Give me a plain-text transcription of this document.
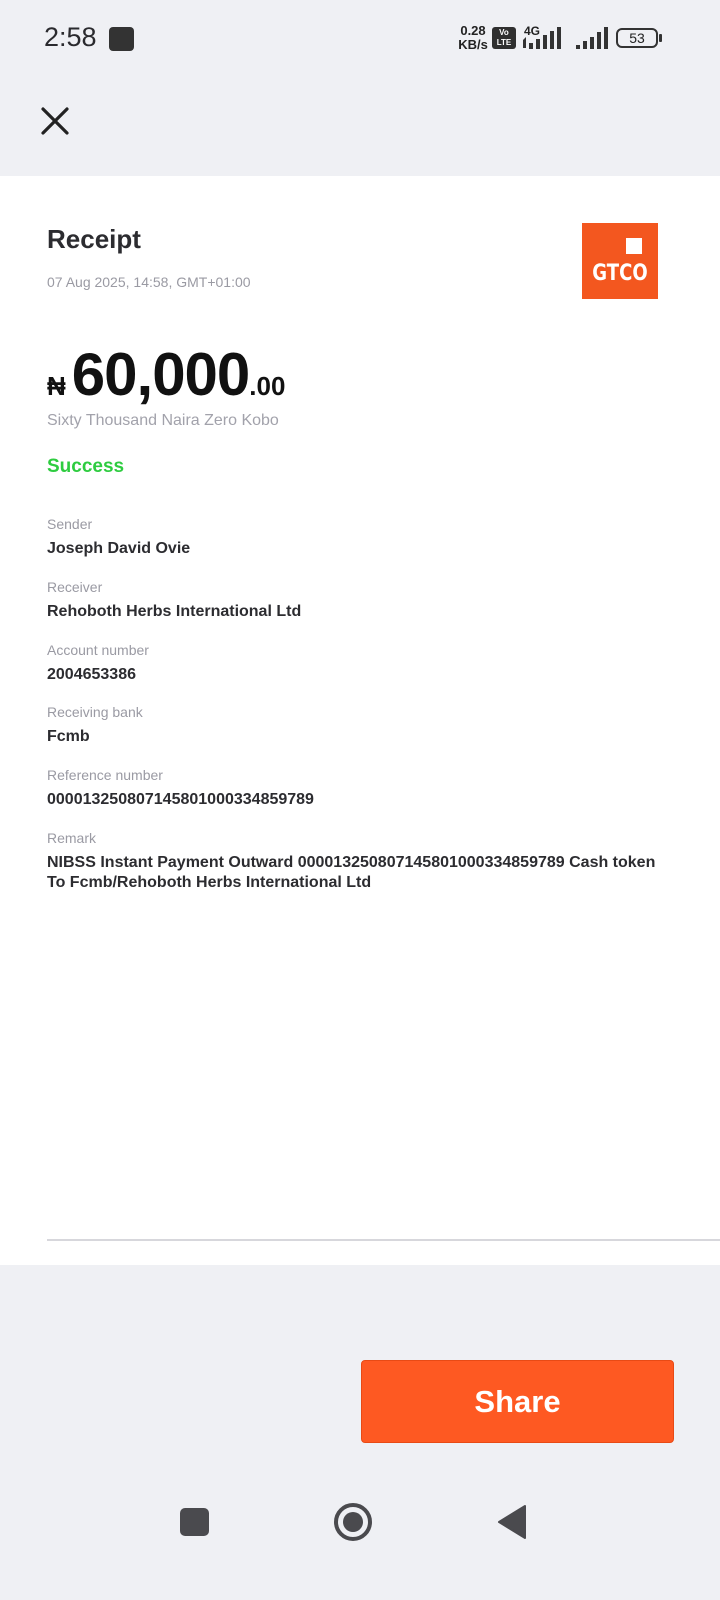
2:58	0.28
KB/s
Vo
LTE
4G	53
Receipt
07 Aug 2025, 14:58, GMT+01:00	GTCO
₦ 60,000 .00
Sixty Thousand Naira Zero Kobo
Success
Sender
Joseph David Ovie
Receiver
Rehoboth Herbs International Ltd
Account number
2004653386
Receiving bank
Fcmb
Reference number
000013250807145801000334859789
Remark
NIBSS Instant Payment Outward 000013250807145801000334859789 Cash token To Fcmb/Rehoboth Herbs International Ltd
Share
